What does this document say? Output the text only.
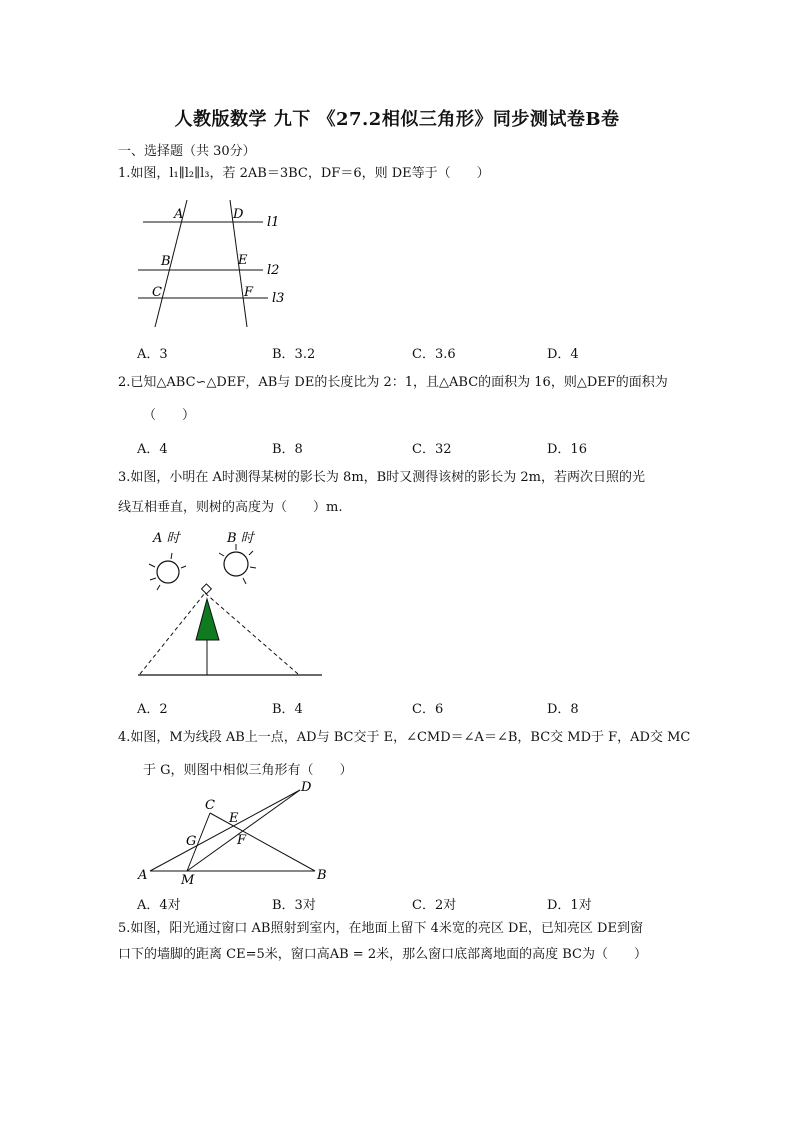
人教版数学 九下 《27.2相似三角形》同步测试卷B卷
一、选择题（共 30分）
1.如图，l₁∥l₂∥l₃，若 2AB＝3BC，DF＝6，则 DE等于（　　）
A	D
l1
B	E
l2
C	F l3
A．3	B．3.2	C．3.6	D．4
2.已知△ABC∽△DEF，AB与 DE的长度比为 2：1，且△ABC的面积为 16，则△DEF的面积为
（　　）
A．4	B．8	C．32	D．16
3.如图，小明在 A时测得某树的影长为 8m，B时又测得该树的影长为 2m，若两次日照的光
线互相垂直，则树的高度为（　　）m.
A 时	B 时
A．2	B．4	C．6	D．8
4.如图，M为线段 AB上一点，AD与 BC交于 E，∠CMD＝∠A＝∠B，BC交 MD于 F，AD交 MC
于 G，则图中相似三角形有（　　）
D
C
E
G	F
A	M	B
A．4对	B．3对	C．2对	D．1对
5.如图，阳光通过窗口 AB照射到室内，在地面上留下 4米宽的亮区 DE，已知亮区 DE到窗
口下的墙脚的距离 CE=5米，窗口高AB = 2米，那么窗口底部离地面的高度 BC为（　　）
